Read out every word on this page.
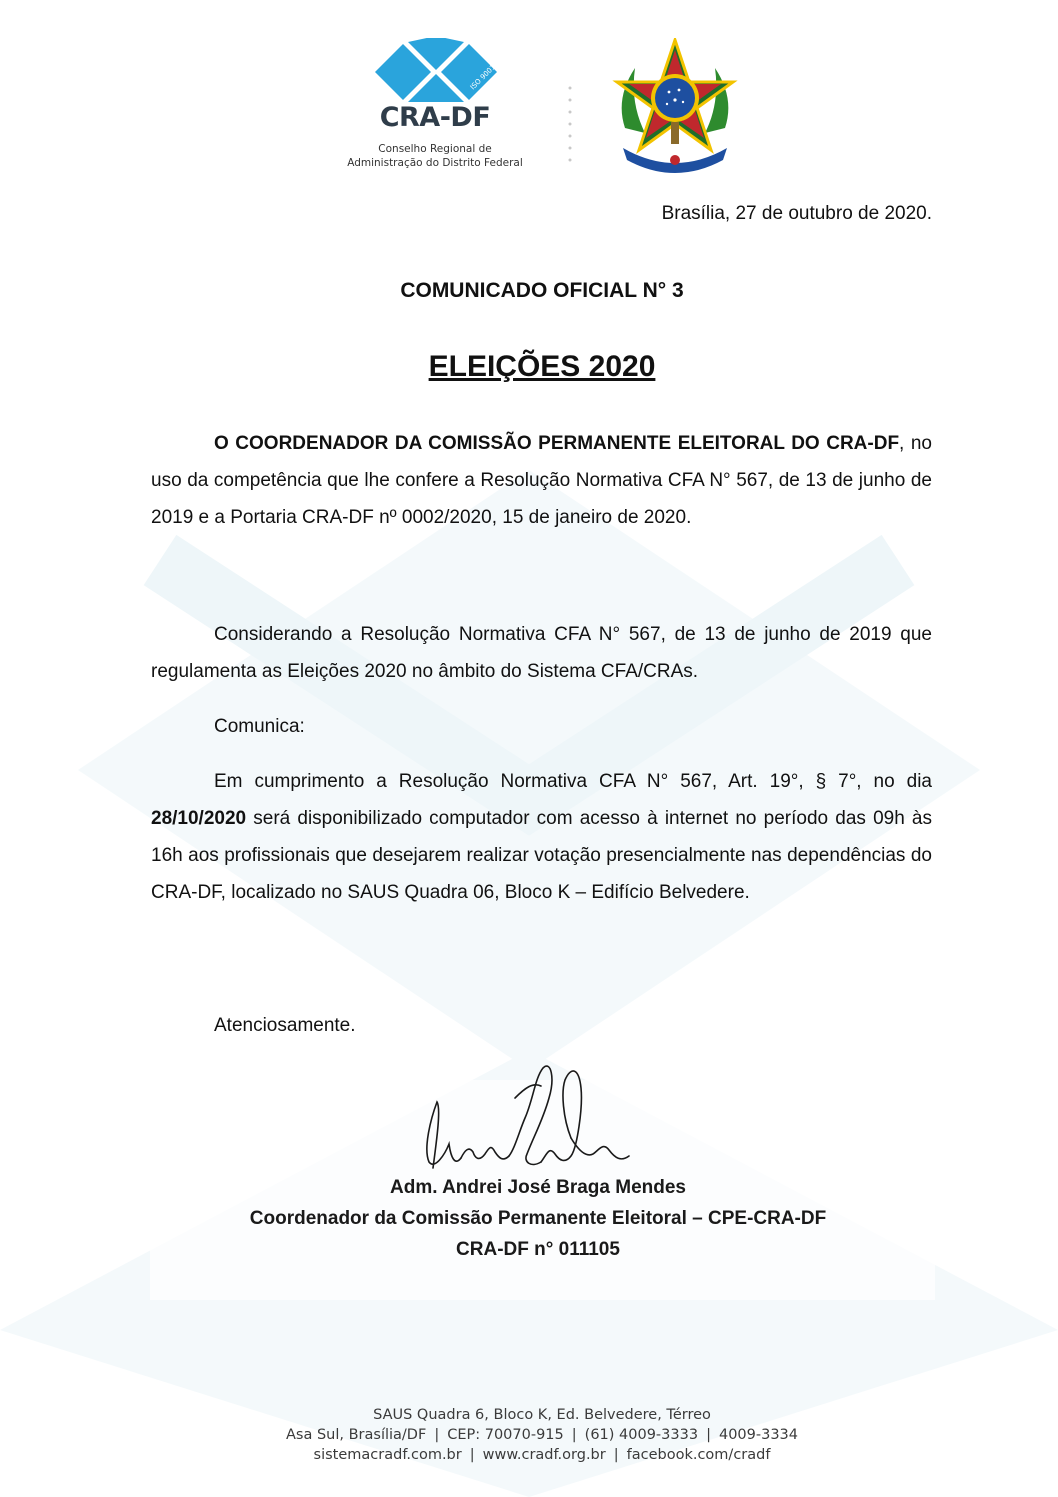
ISO 9001
CRA-DF
Conselho Regional de
Administração do Distrito Federal
Brasília, 27 de outubro de 2020.
COMUNICADO OFICIAL N° 3
ELEIÇÕES 2020

O COORDENADOR DA COMISSÃO PERMANENTE ELEITORAL DO CRA-DF, no uso da competência que lhe confere a Resolução Normativa CFA N° 567, de 13 de junho de 2019 e a Portaria CRA-DF nº 0002/2020, 15 de janeiro de 2020.

Considerando a Resolução Normativa CFA N° 567, de 13 de junho de 2019 que regulamenta as Eleições 2020 no âmbito do Sistema CFA/CRAs.

Comunica:

Em cumprimento a Resolução Normativa CFA N° 567, Art. 19°, § 7°, no dia 28/10/2020 será disponibilizado computador com acesso à internet no período das 09h às 16h aos profissionais que desejarem realizar votação presencialmente nas dependências do CRA-DF, localizado no SAUS Quadra 06, Bloco K – Edifício Belvedere.

Atenciosamente.

Adm. Andrei José Braga Mendes
Coordenador da Comissão Permanente Eleitoral – CPE-CRA-DF
CRA-DF n° 011105
SAUS Quadra 6, Bloco K, Ed. Belvedere, Térreo
Asa Sul, Brasília/DF | CEP: 70070-915 | (61) 4009-3333 | 4009-3334
sistemacradf.com.br | www.cradf.org.br | facebook.com/cradf
